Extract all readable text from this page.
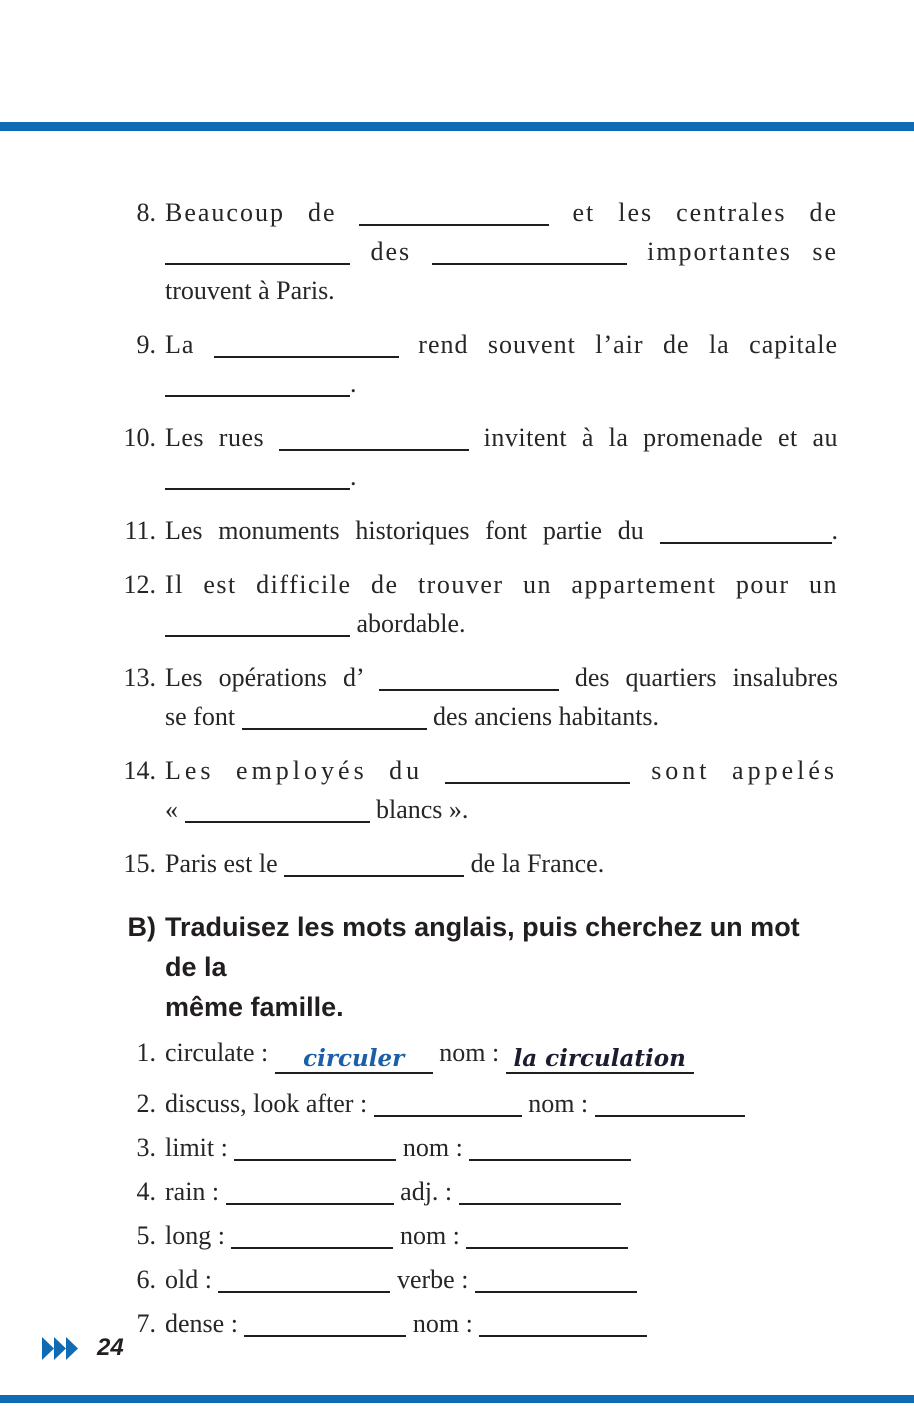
8. Beaucoup de	et les centrales de
des	importantes se
trouvent à Paris.
9. La	rend souvent l’air de la capitale
.
10. Les rues	invitent à la promenade et au
.
11. Les monuments historiques font partie du	.
12. Il est difficile de trouver un appartement pour un
abordable.
13. Les opérations d’	des quartiers insalubres
se font	des anciens habitants.
14. Les employés du	sont appelés
«	blancs ».
15. Paris est le	de la France.
B) Traduisez les mots anglais, puis cherchez un mot de la
même famille.
1. circulate : circuler nom : la circulation
2. discuss, look after :	nom :
3. limit :	nom :
4. rain :	adj. :
5. long :	nom :
6. old :	verbe :
7. dense :	nom :
24
